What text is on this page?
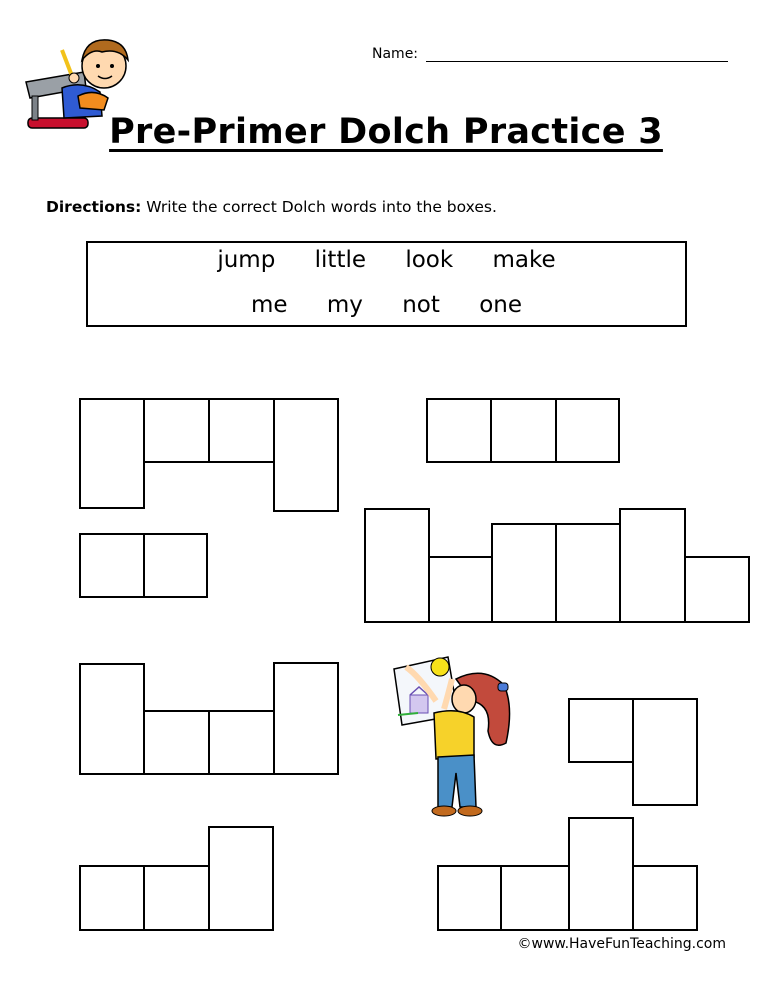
Name:
Pre-Primer Dolch Practice 3
Directions: Write the correct Dolch words into the boxes.
jump little look make
me my not one
©www.HaveFunTeaching.com
